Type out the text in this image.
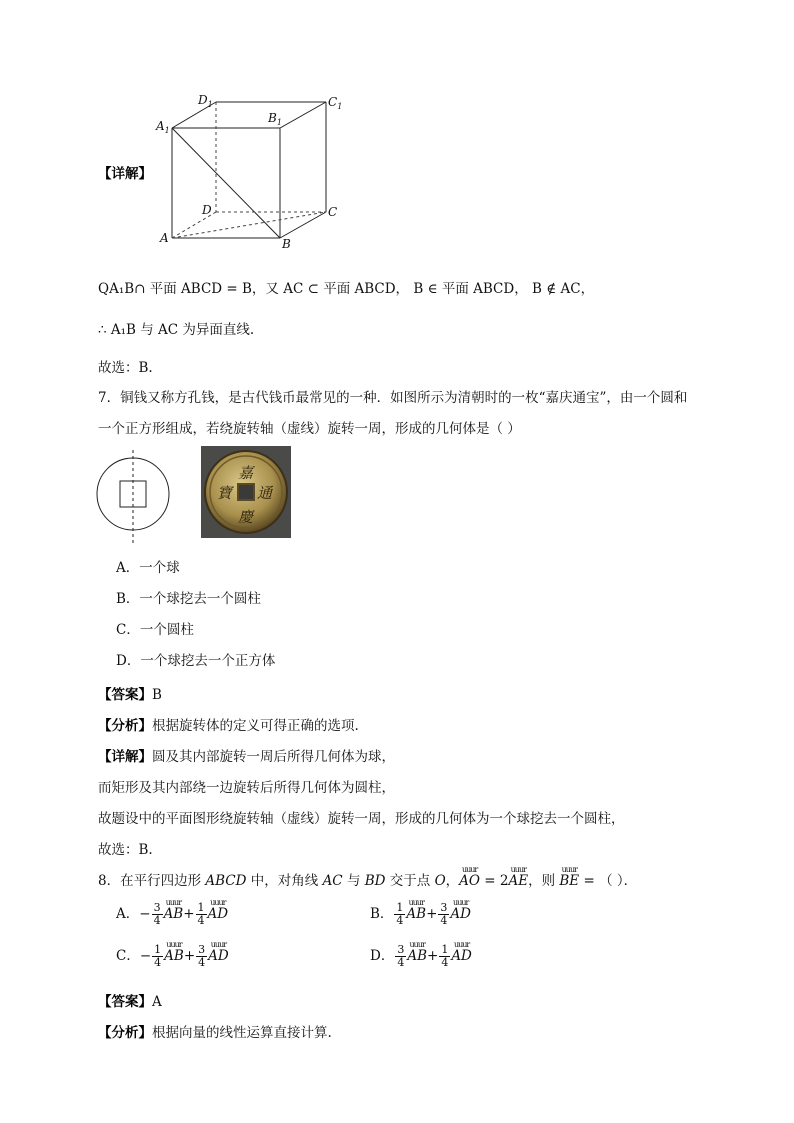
【详解】
$D_1$	$C_1$
$A_1$
$B_1$
D	C
A	B
QA₁B∩ 平面 ABCD = B，又 AC ⊂ 平面 ABCD， B ∈ 平面 ABCD， B ∉ AC，
∴ A₁B 与 AC 为异面直线.
故选：B.
7．铜钱又称方孔钱，是古代钱币最常见的一种．如图所示为清朝时的一枚“嘉庆通宝”，由一个圆和
一个正方形组成，若绕旋转轴（虚线）旋转一周，形成的几何体是（ ）
嘉
慶
通
寶
A．一个球
B．一个球挖去一个圆柱
C．一个圆柱
D．一个球挖去一个正方体
【答案】B
【分析】根据旋转体的定义可得正确的选项.
【详解】圆及其内部旋转一周后所得几何体为球，
而矩形及其内部绕一边旋转后所得几何体为圆柱，
故题设中的平面图形绕旋转轴（虚线）旋转一周，形成的几何体为一个球挖去一个圆柱，
故选：B.
8．在平行四边形 ABCD 中，对角线 AC 与 BD 交于点 O，
uuur
AO = 2
uuur
AE，则
uuur
BE = （ ）．
A．− $\frac{3}{4}$ uuur
$AB+ \frac{1}{4}$ uuur
AD	B． $\frac{1}{4}$ uuur
$AB+ \frac{3}{4}$ uuur
AD
C．− $\frac{1}{4}$ uuur
$AB+ \frac{3}{4}$ uuur
AD	D． $\frac{3}{4}$ uuur
$AB+ \frac{1}{4}$ uuur
AD
【答案】A
【分析】根据向量的线性运算直接计算.
